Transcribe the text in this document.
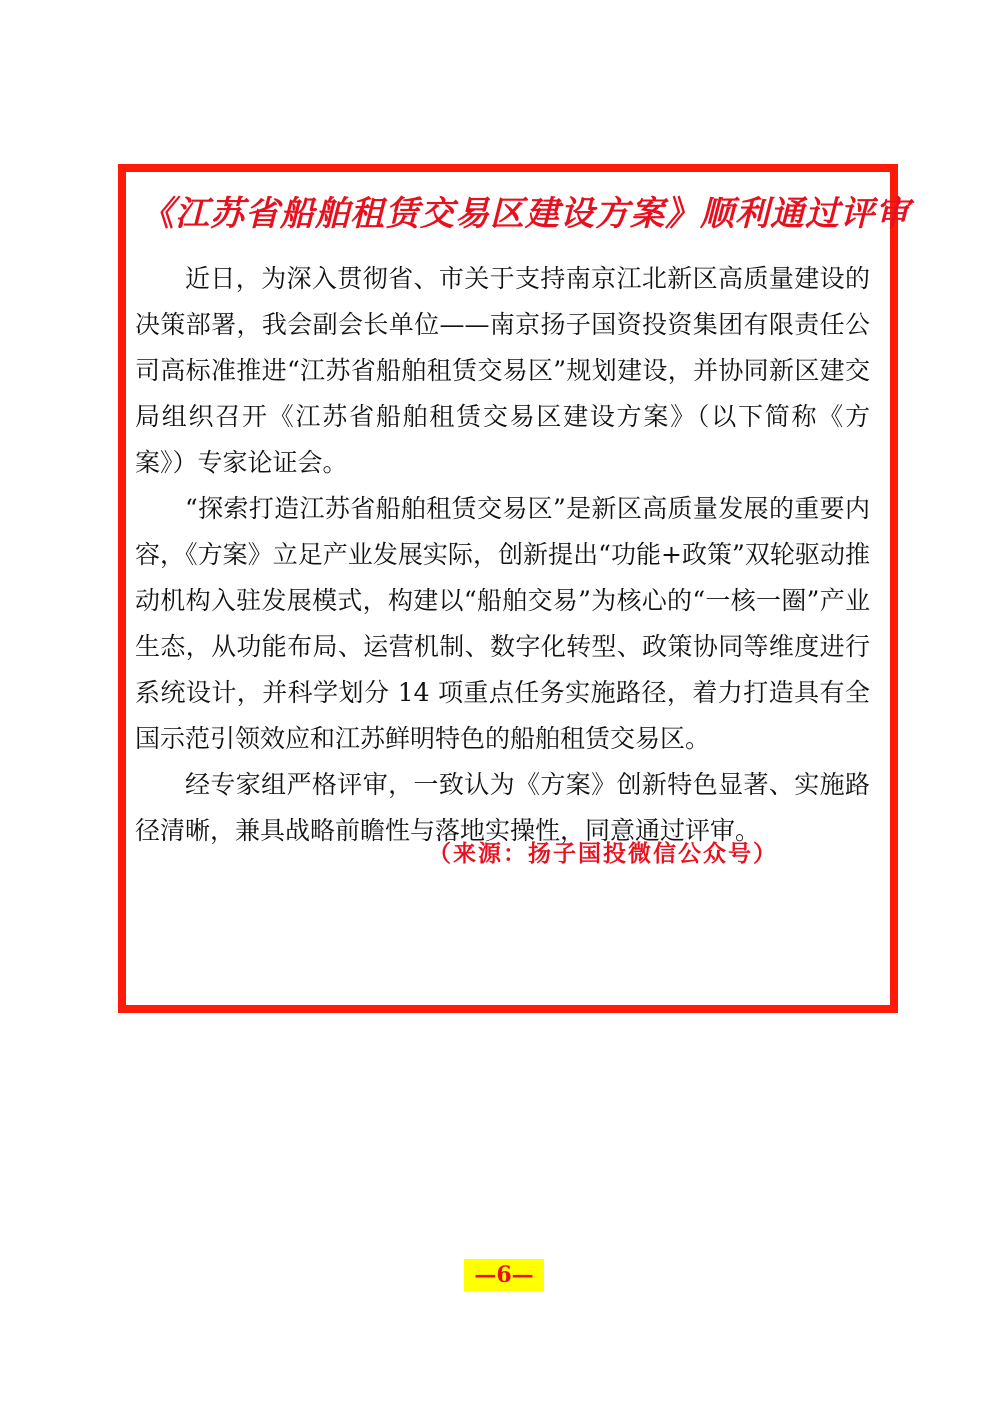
《江苏省船舶租赁交易区建设方案》顺利通过评审

近日，为深入贯彻省、市关于支持南京江北新区高质量建设的决策部署，我会副会长单位——南京扬子国资投资集团有限责任公司高标准推进“江苏省船舶租赁交易区”规划建设，并协同新区建交局组织召开《江苏省船舶租赁交易区建设方案》（以下简称《方案》）专家论证会。

“探索打造江苏省船舶租赁交易区”是新区高质量发展的重要内容，《方案》立足产业发展实际，创新提出“功能+政策”双轮驱动推动机构入驻发展模式，构建以“船舶交易”为核心的“一核一圈”产业生态，从功能布局、运营机制、数字化转型、政策协同等维度进行系统设计，并科学划分 14 项重点任务实施路径，着力打造具有全国示范引领效应和江苏鲜明特色的船舶租赁交易区。

经专家组严格评审，一致认为《方案》创新特色显著、实施路径清晰，兼具战略前瞻性与落地实操性，同意通过评审。

（来源：扬子国投微信公众号）
—6—
